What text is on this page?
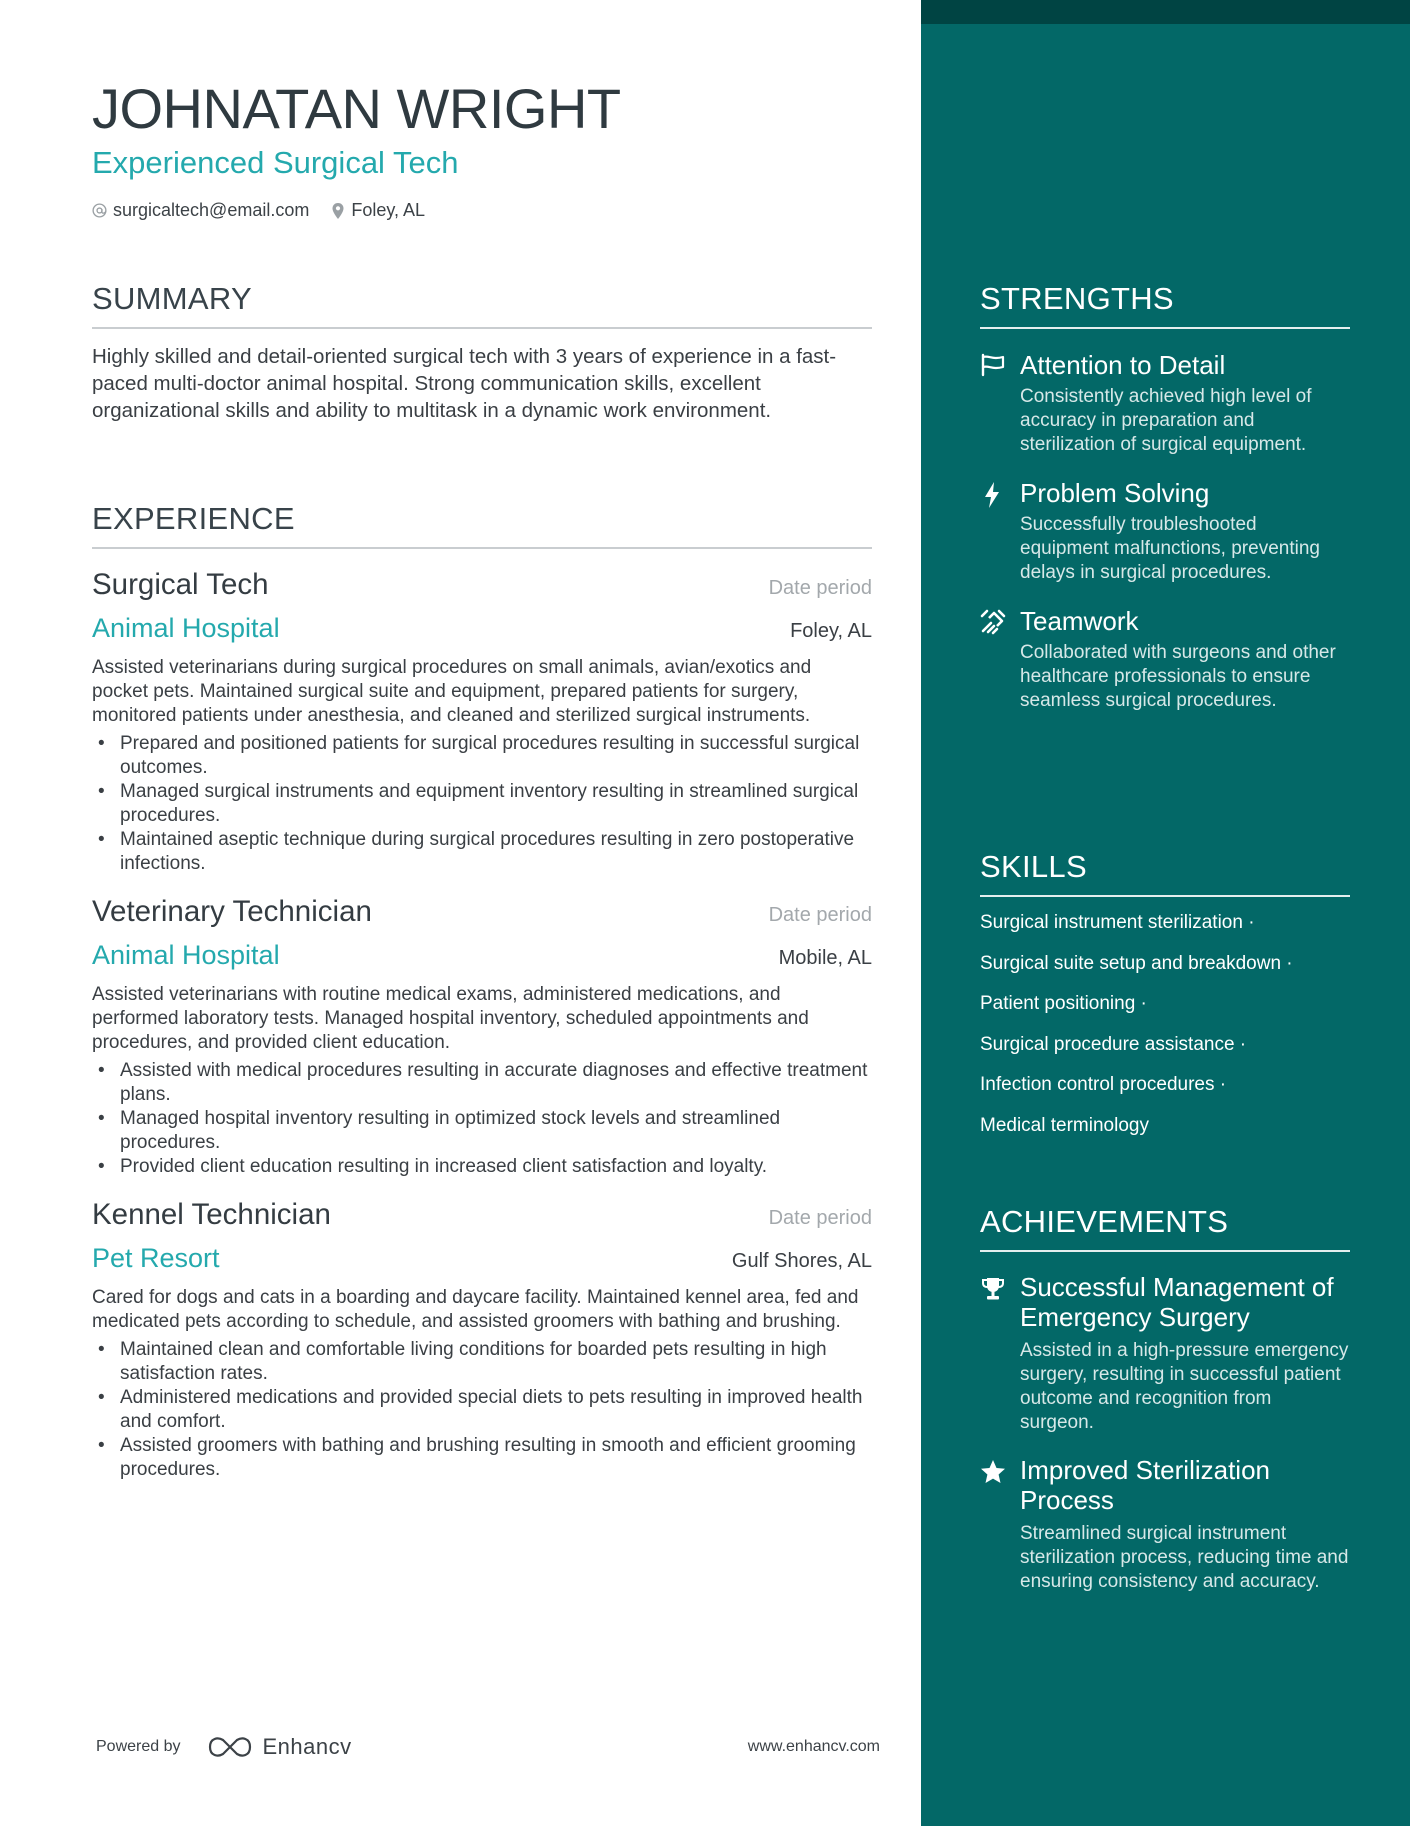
JOHNATAN WRIGHT
Experienced Surgical Tech
surgicaltech@email.com Foley, AL
SUMMARY

Highly skilled and detail-oriented surgical tech with 3 years of experience in a fast-paced multi-doctor animal hospital. Strong communication skills, excellent organizational skills and ability to multitask in a dynamic work environment.

EXPERIENCE
Surgical Tech	Date period
Animal Hospital	Foley, AL

Assisted veterinarians during surgical procedures on small animals, avian/exotics and pocket pets. Maintained surgical suite and equipment, prepared patients for surgery, monitored patients under anesthesia, and cleaned and sterilized surgical instruments.

• Prepared and positioned patients for surgical procedures resulting in successful surgical outcomes.
• Managed surgical instruments and equipment inventory resulting in streamlined surgical procedures.
• Maintained aseptic technique during surgical procedures resulting in zero postoperative infections.
Veterinary Technician	Date period
Animal Hospital	Mobile, AL

Assisted veterinarians with routine medical exams, administered medications, and performed laboratory tests. Managed hospital inventory, scheduled appointments and procedures, and provided client education.

• Assisted with medical procedures resulting in accurate diagnoses and effective treatment plans.
• Managed hospital inventory resulting in optimized stock levels and streamlined procedures.
• Provided client education resulting in increased client satisfaction and loyalty.
Kennel Technician	Date period
Pet Resort	Gulf Shores, AL

Cared for dogs and cats in a boarding and daycare facility. Maintained kennel area, fed and medicated pets according to schedule, and assisted groomers with bathing and brushing.

• Maintained clean and comfortable living conditions for boarded pets resulting in high satisfaction rates.
• Administered medications and provided special diets to pets resulting in improved health and comfort.
• Assisted groomers with bathing and brushing resulting in smooth and efficient grooming procedures.
Powered by	Enhancv	www.enhancv.com
STRENGTHS
Attention to Detail
Consistently achieved high level of accuracy in preparation and sterilization of surgical equipment.
Problem Solving
Successfully troubleshooted equipment malfunctions, preventing delays in surgical procedures.
Teamwork
Collaborated with surgeons and other healthcare professionals to ensure seamless surgical procedures.
SKILLS
Surgical instrument sterilization ·
Surgical suite setup and breakdown ·
Patient positioning ·
Surgical procedure assistance ·
Infection control procedures ·
Medical terminology
ACHIEVEMENTS
Successful Management of Emergency Surgery
Assisted in a high-pressure emergency surgery, resulting in successful patient outcome and recognition from surgeon.
Improved Sterilization Process
Streamlined surgical instrument sterilization process, reducing time and ensuring consistency and accuracy.
